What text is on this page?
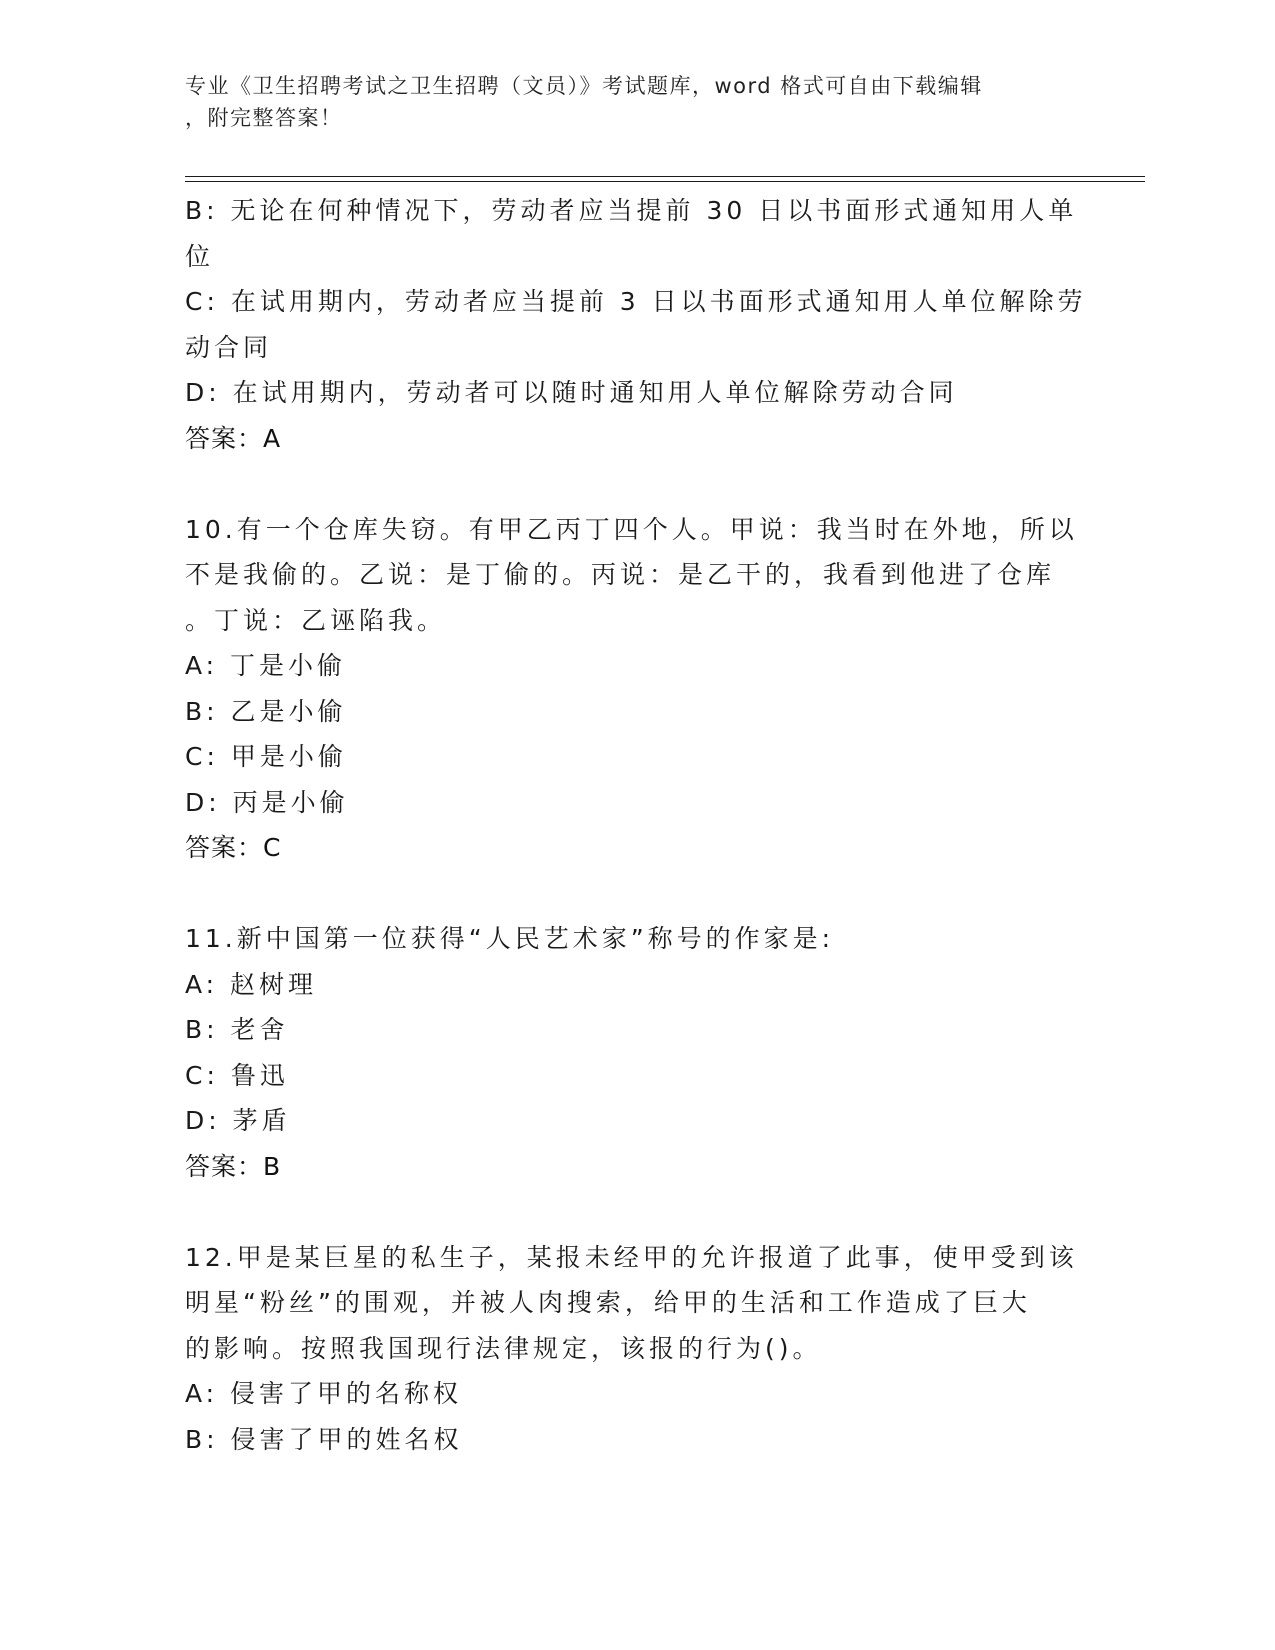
专业《卫生招聘考试之卫生招聘（文员）》考试题库，word 格式可自由下载编辑
，附完整答案！
B: 无论在何种情况下，劳动者应当提前 30 日以书面形式通知用人单
位
C: 在试用期内，劳动者应当提前 3 日以书面形式通知用人单位解除劳
动合同
D: 在试用期内，劳动者可以随时通知用人单位解除劳动合同
答案：A
10.有一个仓库失窃。有甲乙丙丁四个人。甲说：我当时在外地，所以
不是我偷的。乙说：是丁偷的。丙说：是乙干的，我看到他进了仓库
。丁说：乙诬陷我。
A: 丁是小偷
B: 乙是小偷
C: 甲是小偷
D: 丙是小偷
答案：C
11.新中国第一位获得“人民艺术家”称号的作家是:
A: 赵树理
B: 老舍
C: 鲁迅
D: 茅盾
答案：B
12.甲是某巨星的私生子，某报未经甲的允许报道了此事，使甲受到该
明星“粉丝”的围观，并被人肉搜索，给甲的生活和工作造成了巨大
的影响。按照我国现行法律规定，该报的行为()。
A: 侵害了甲的名称权
B: 侵害了甲的姓名权
